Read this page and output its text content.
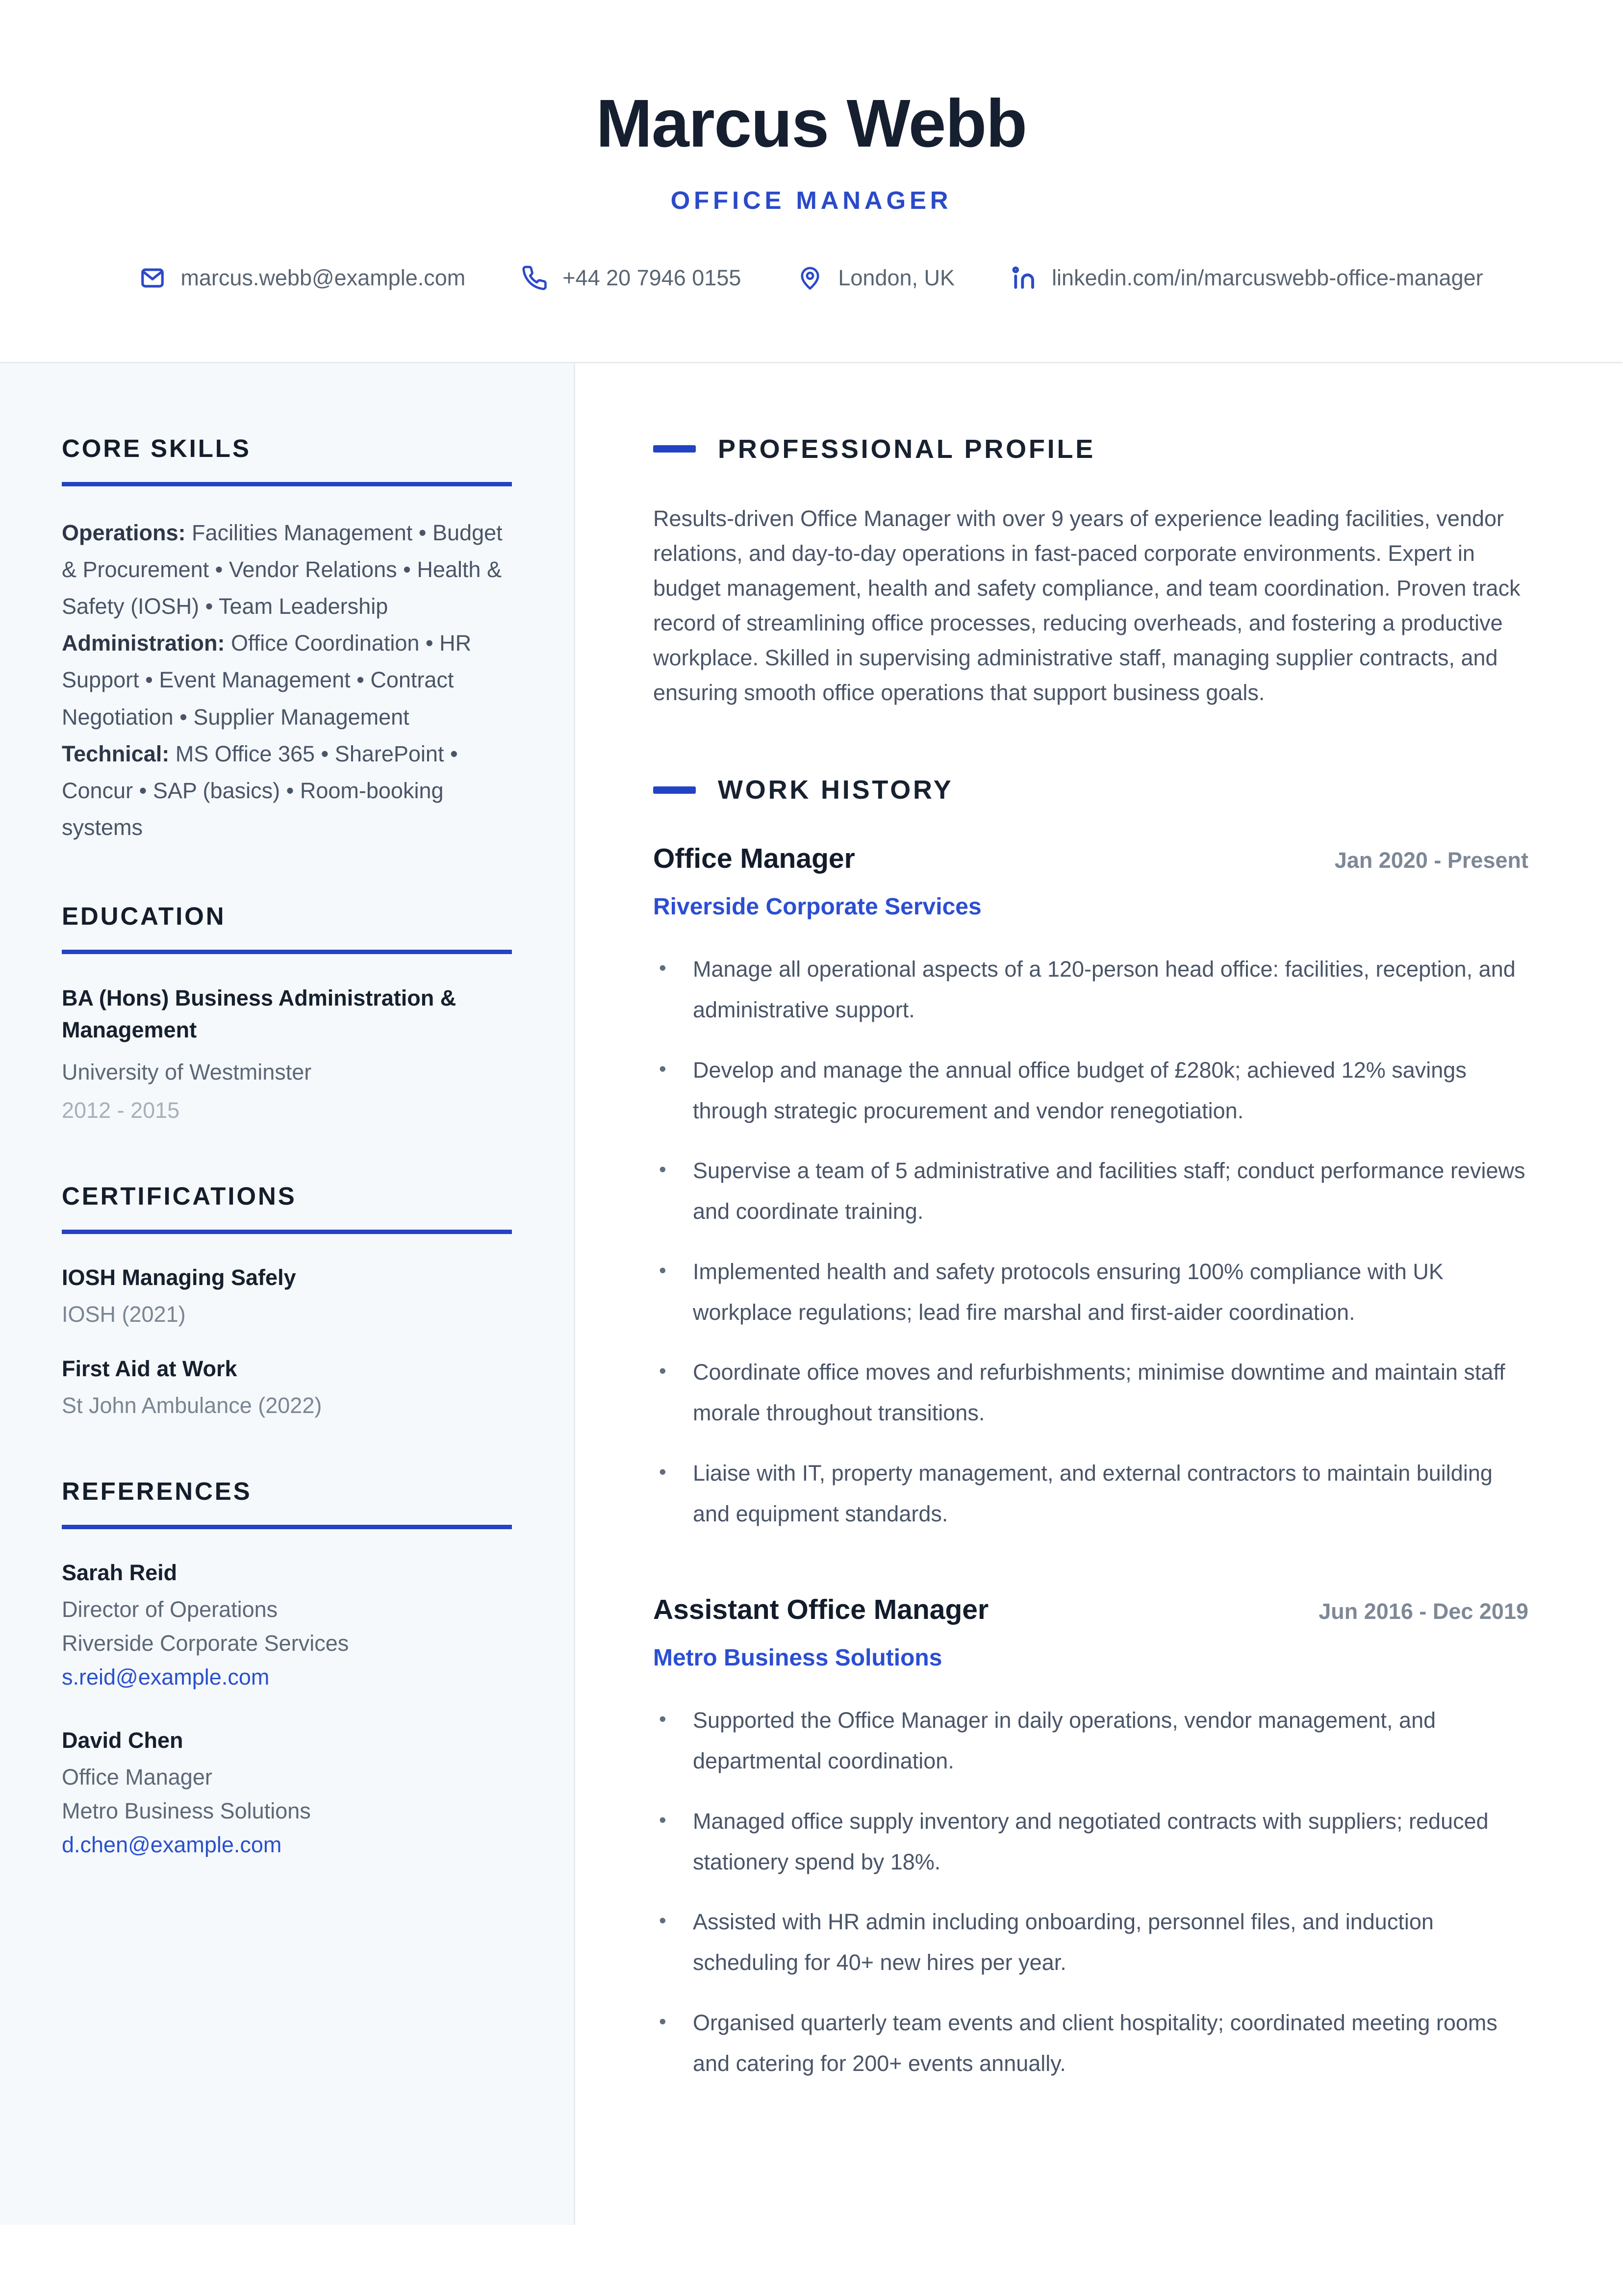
Marcus Webb
OFFICE MANAGER
marcus.webb@example.com	+44 20 7946 0155	London, UK	linkedin.com/in/marcuswebb-office-manager
CORE SKILLS

Operations: Facilities Management • Budget & Procurement • Vendor Relations • Health & Safety (IOSH) • Team Leadership

Administration: Office Coordination • HR Support • Event Management • Contract Negotiation • Supplier Management

Technical: MS Office 365 • SharePoint • Concur • SAP (basics) • Room-booking systems

EDUCATION

BA (Hons) Business Administration & Management

University of Westminster

2012 - 2015

CERTIFICATIONS

IOSH Managing Safely

IOSH (2021)

First Aid at Work

St John Ambulance (2022)

REFERENCES

Sarah Reid

Director of Operations

Riverside Corporate Services

s.reid@example.com

David Chen

Office Manager

Metro Business Solutions

d.chen@example.com

PROFESSIONAL PROFILE

Results-driven Office Manager with over 9 years of experience leading facilities, vendor relations, and day-to-day operations in fast-paced corporate environments. Expert in budget management, health and safety compliance, and team coordination. Proven track record of streamlining office processes, reducing overheads, and fostering a productive workplace. Skilled in supervising administrative staff, managing supplier contracts, and ensuring smooth office operations that support business goals.

WORK HISTORY
Office Manager	Jan 2020 - Present

Riverside Corporate Services

• Manage all operational aspects of a 120-person head office: facilities, reception, and administrative support.
• Develop and manage the annual office budget of £280k; achieved 12% savings through strategic procurement and vendor renegotiation.
• Supervise a team of 5 administrative and facilities staff; conduct performance reviews and coordinate training.
• Implemented health and safety protocols ensuring 100% compliance with UK workplace regulations; lead fire marshal and first-aider coordination.
• Coordinate office moves and refurbishments; minimise downtime and maintain staff morale throughout transitions.
• Liaise with IT, property management, and external contractors to maintain building and equipment standards.
Assistant Office Manager	Jun 2016 - Dec 2019

Metro Business Solutions

• Supported the Office Manager in daily operations, vendor management, and departmental coordination.
• Managed office supply inventory and negotiated contracts with suppliers; reduced stationery spend by 18%.
• Assisted with HR admin including onboarding, personnel files, and induction scheduling for 40+ new hires per year.
• Organised quarterly team events and client hospitality; coordinated meeting rooms and catering for 200+ events annually.
